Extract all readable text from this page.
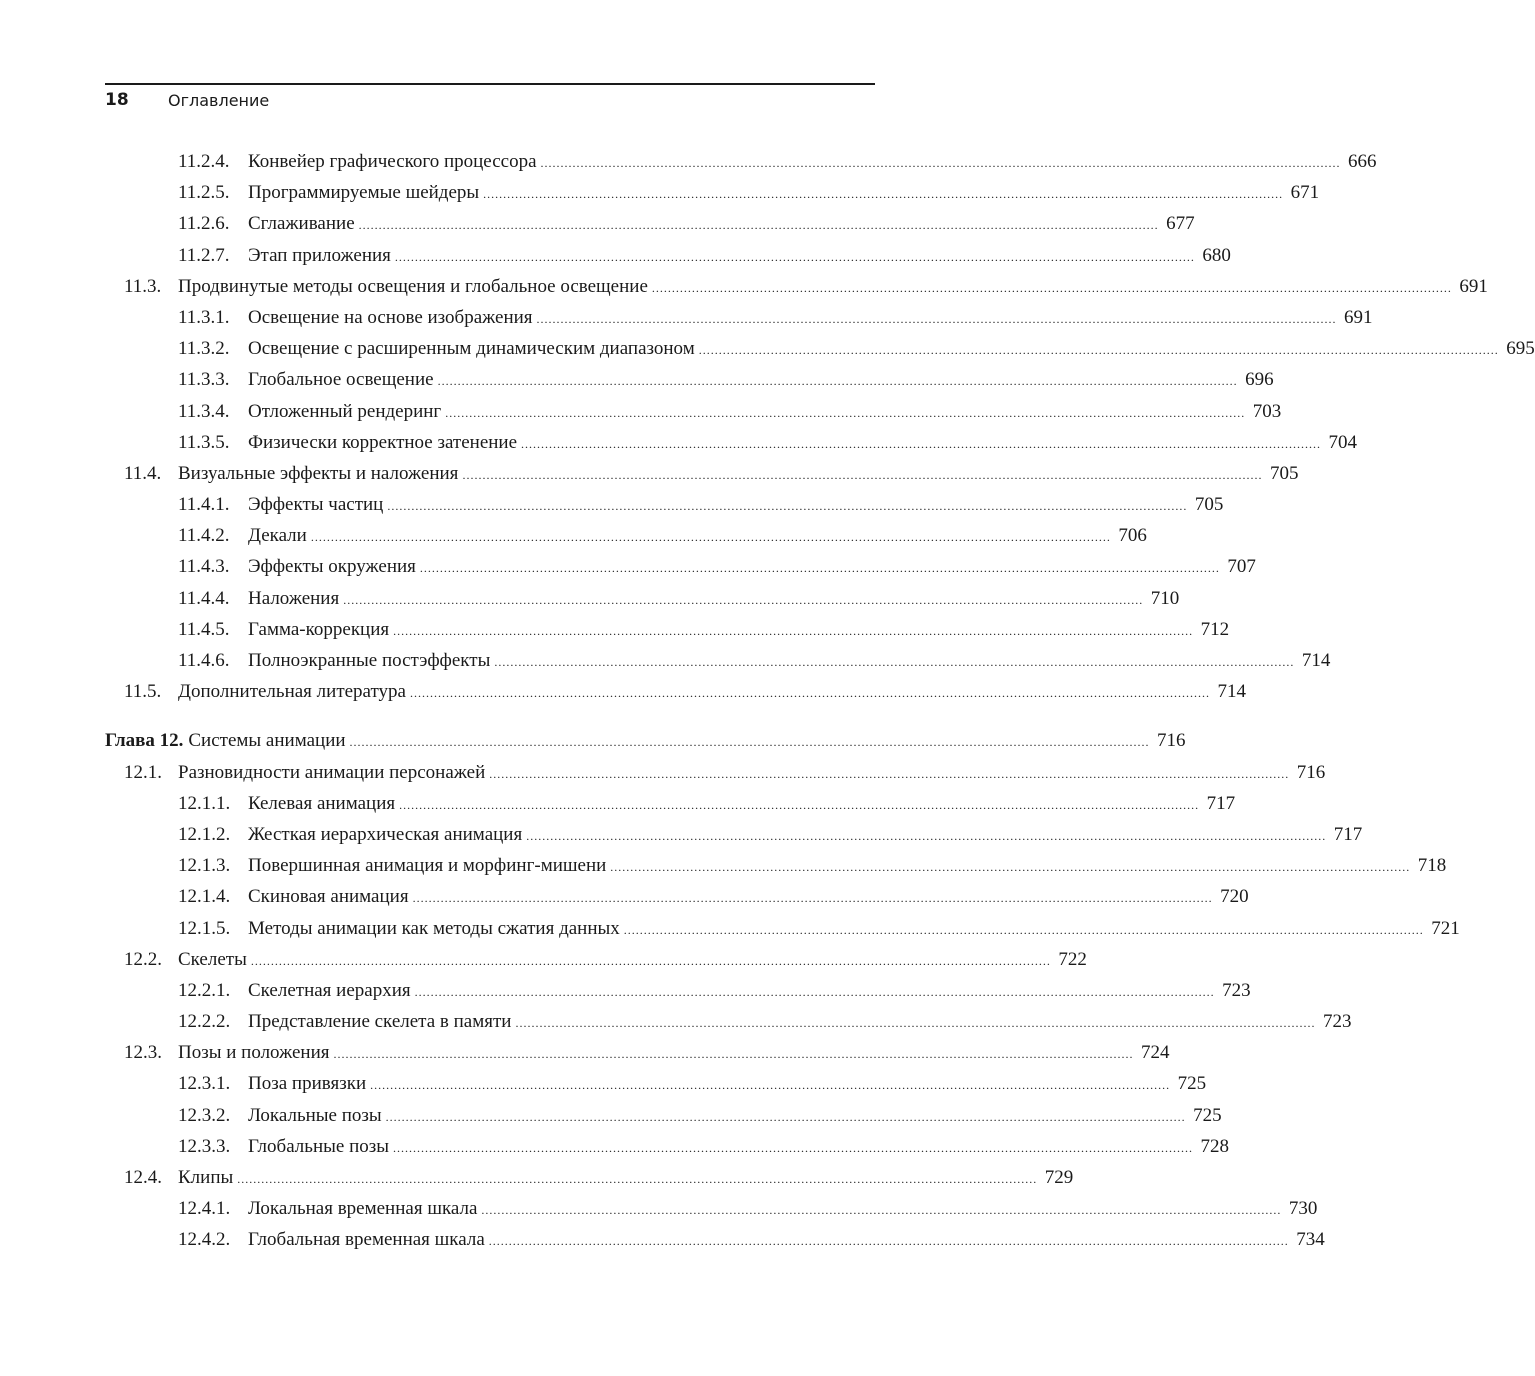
18 Оглавление
11.2.4. Конвейер графического процессора ........................................................................................................................................................................................................ 666
11.2.5. Программируемые шейдеры ........................................................................................................................................................................................................ 671
11.2.6. Сглаживание ........................................................................................................................................................................................................ 677
11.2.7. Этап приложения ........................................................................................................................................................................................................ 680
11.3. Продвинутые методы освещения и глобальное освещение ........................................................................................................................................................................................................ 691
11.3.1. Освещение на основе изображения ........................................................................................................................................................................................................ 691
11.3.2. Освещение с расширенным динамическим диапазоном ........................................................................................................................................................................................................ 695
11.3.3. Глобальное освещение ........................................................................................................................................................................................................ 696
11.3.4. Отложенный рендеринг ........................................................................................................................................................................................................ 703
11.3.5. Физически корректное затенение ........................................................................................................................................................................................................ 704
11.4. Визуальные эффекты и наложения ........................................................................................................................................................................................................ 705
11.4.1. Эффекты частиц ........................................................................................................................................................................................................ 705
11.4.2. Декали ........................................................................................................................................................................................................ 706
11.4.3. Эффекты окружения ........................................................................................................................................................................................................ 707
11.4.4. Наложения ........................................................................................................................................................................................................ 710
11.4.5. Гамма-коррекция ........................................................................................................................................................................................................ 712
11.4.6. Полноэкранные постэффекты ........................................................................................................................................................................................................ 714
11.5. Дополнительная литература ........................................................................................................................................................................................................ 714
Глава 12. Системы анимации ........................................................................................................................................................................................................ 716
12.1. Разновидности анимации персонажей ........................................................................................................................................................................................................ 716
12.1.1. Келевая анимация ........................................................................................................................................................................................................ 717
12.1.2. Жесткая иерархическая анимация ........................................................................................................................................................................................................ 717
12.1.3. Повершинная анимация и морфинг-мишени ........................................................................................................................................................................................................ 718
12.1.4. Скиновая анимация ........................................................................................................................................................................................................ 720
12.1.5. Методы анимации как методы сжатия данных ........................................................................................................................................................................................................ 721
12.2. Скелеты ........................................................................................................................................................................................................ 722
12.2.1. Скелетная иерархия ........................................................................................................................................................................................................ 723
12.2.2. Представление скелета в памяти ........................................................................................................................................................................................................ 723
12.3. Позы и положения ........................................................................................................................................................................................................ 724
12.3.1. Поза привязки ........................................................................................................................................................................................................ 725
12.3.2. Локальные позы ........................................................................................................................................................................................................ 725
12.3.3. Глобальные позы ........................................................................................................................................................................................................ 728
12.4. Клипы ........................................................................................................................................................................................................ 729
12.4.1. Локальная временная шкала ........................................................................................................................................................................................................ 730
12.4.2. Глобальная временная шкала ........................................................................................................................................................................................................ 734
